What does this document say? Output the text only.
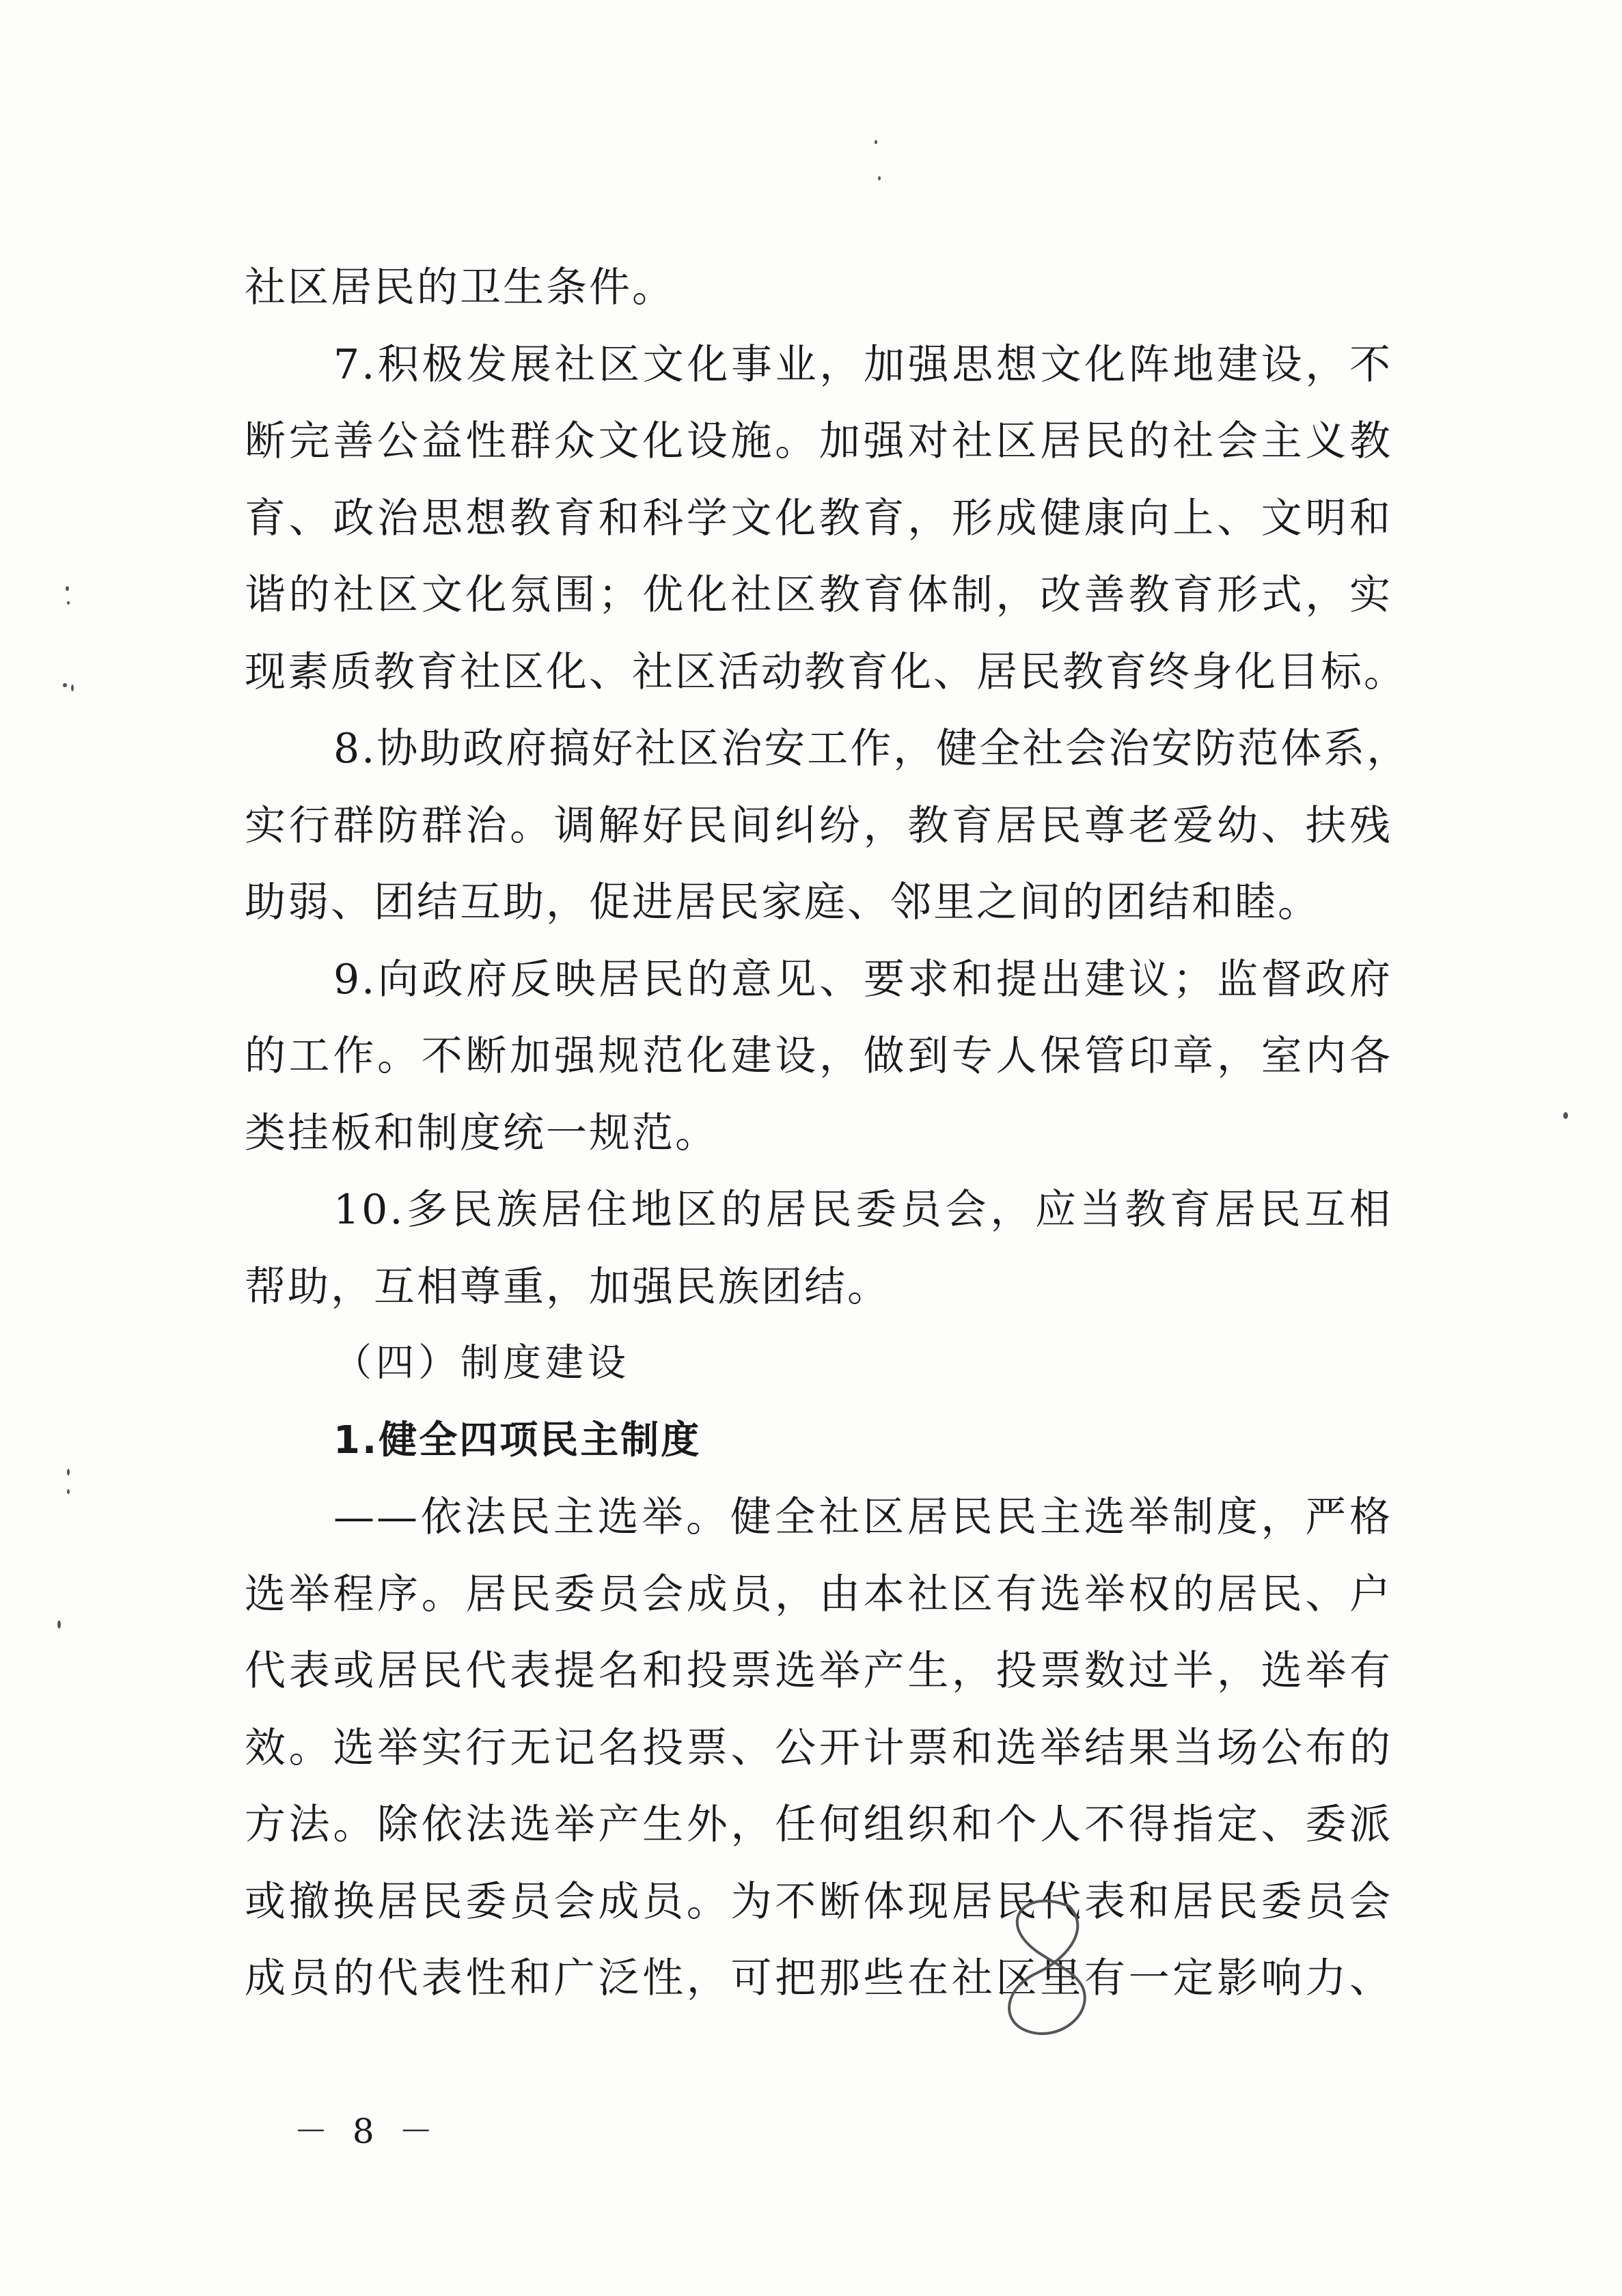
社区居民的卫生条件。
7.积极发展社区文化事业，加强思想文化阵地建设，不
断完善公益性群众文化设施。加强对社区居民的社会主义教
育、政治思想教育和科学文化教育，形成健康向上、文明和
谐的社区文化氛围；优化社区教育体制，改善教育形式，实
现素质教育社区化、社区活动教育化、居民教育终身化目标。
8.协助政府搞好社区治安工作，健全社会治安防范体系，
实行群防群治。调解好民间纠纷，教育居民尊老爱幼、扶残
助弱、团结互助，促进居民家庭、邻里之间的团结和睦。
9.向政府反映居民的意见、要求和提出建议；监督政府
的工作。不断加强规范化建设，做到专人保管印章，室内各
类挂板和制度统一规范。
10.多民族居住地区的居民委员会，应当教育居民互相
帮助，互相尊重，加强民族团结。
（四）制度建设
1.健全四项民主制度
——依法民主选举。健全社区居民民主选举制度，严格
选举程序。居民委员会成员，由本社区有选举权的居民、户
代表或居民代表提名和投票选举产生，投票数过半，选举有
效。选举实行无记名投票、公开计票和选举结果当场公布的
方法。除依法选举产生外，任何组织和个人不得指定、委派
或撤换居民委员会成员。为不断体现居民代表和居民委员会
成员的代表性和广泛性，可把那些在社区里有一定影响力、
－ 8 －
